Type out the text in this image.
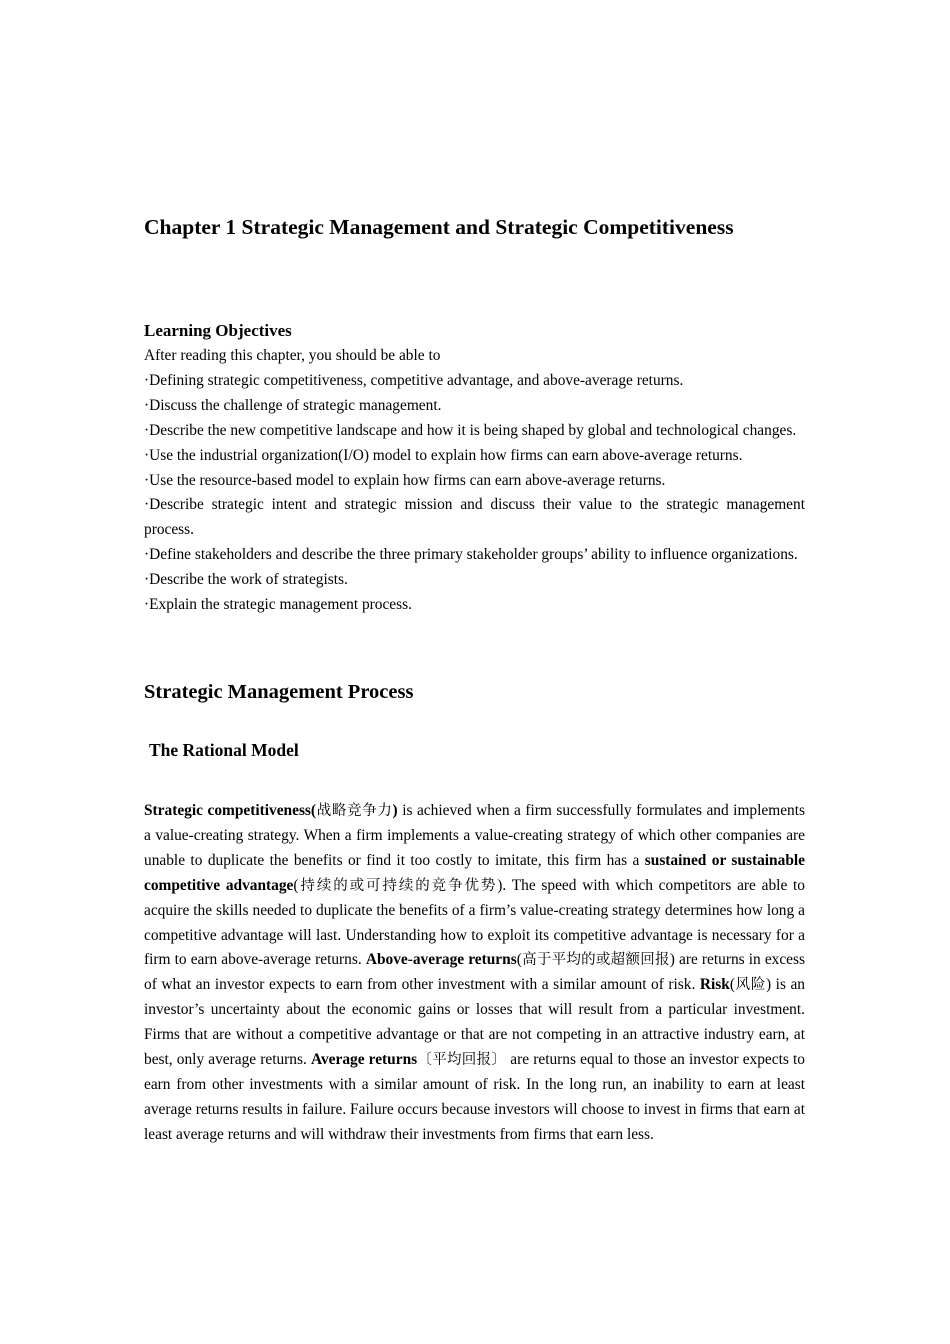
Chapter 1 Strategic Management and Strategic Competitiveness
Learning Objectives
After reading this chapter, you should be able to
·Defining strategic competitiveness, competitive advantage, and above-average returns.
·Discuss the challenge of strategic management.
·Describe the new competitive landscape and how it is being shaped by global and technological changes.
·Use the industrial organization(I/O) model to explain how firms can earn above-average returns.
·Use the resource-based model to explain how firms can earn above-average returns.
·Describe strategic intent and strategic mission and discuss their value to the strategic management process.
·Define stakeholders and describe the three primary stakeholder groups’ ability to influence organizations.
·Describe the work of strategists.
·Explain the strategic management process.
Strategic Management Process
The Rational Model

Strategic competitiveness(战略竞争力) is achieved when a firm successfully formulates and implements a value-creating strategy. When a firm implements a value-creating strategy of which other companies are unable to duplicate the benefits or find it too costly to imitate, this firm has a sustained or sustainable competitive advantage(持续的或可持续的竞争优势). The speed with which competitors are able to acquire the skills needed to duplicate the benefits of a firm’s value-creating strategy determines how long a competitive advantage will last. Understanding how to exploit its competitive advantage is necessary for a firm to earn above-average returns. Above-average returns(高于平均的或超额回报) are returns in excess of what an investor expects to earn from other investment with a similar amount of risk. Risk(风险) is an investor’s uncertainty about the economic gains or losses that will result from a particular investment. Firms that are without a competitive advantage or that are not competing in an attractive industry earn, at best, only average returns. Average returns〔平均回报〕 are returns equal to those an investor expects to earn from other investments with a similar amount of risk. In the long run, an inability to earn at least average returns results in failure. Failure occurs because investors will choose to invest in firms that earn at least average returns and will withdraw their investments from firms that earn less.
